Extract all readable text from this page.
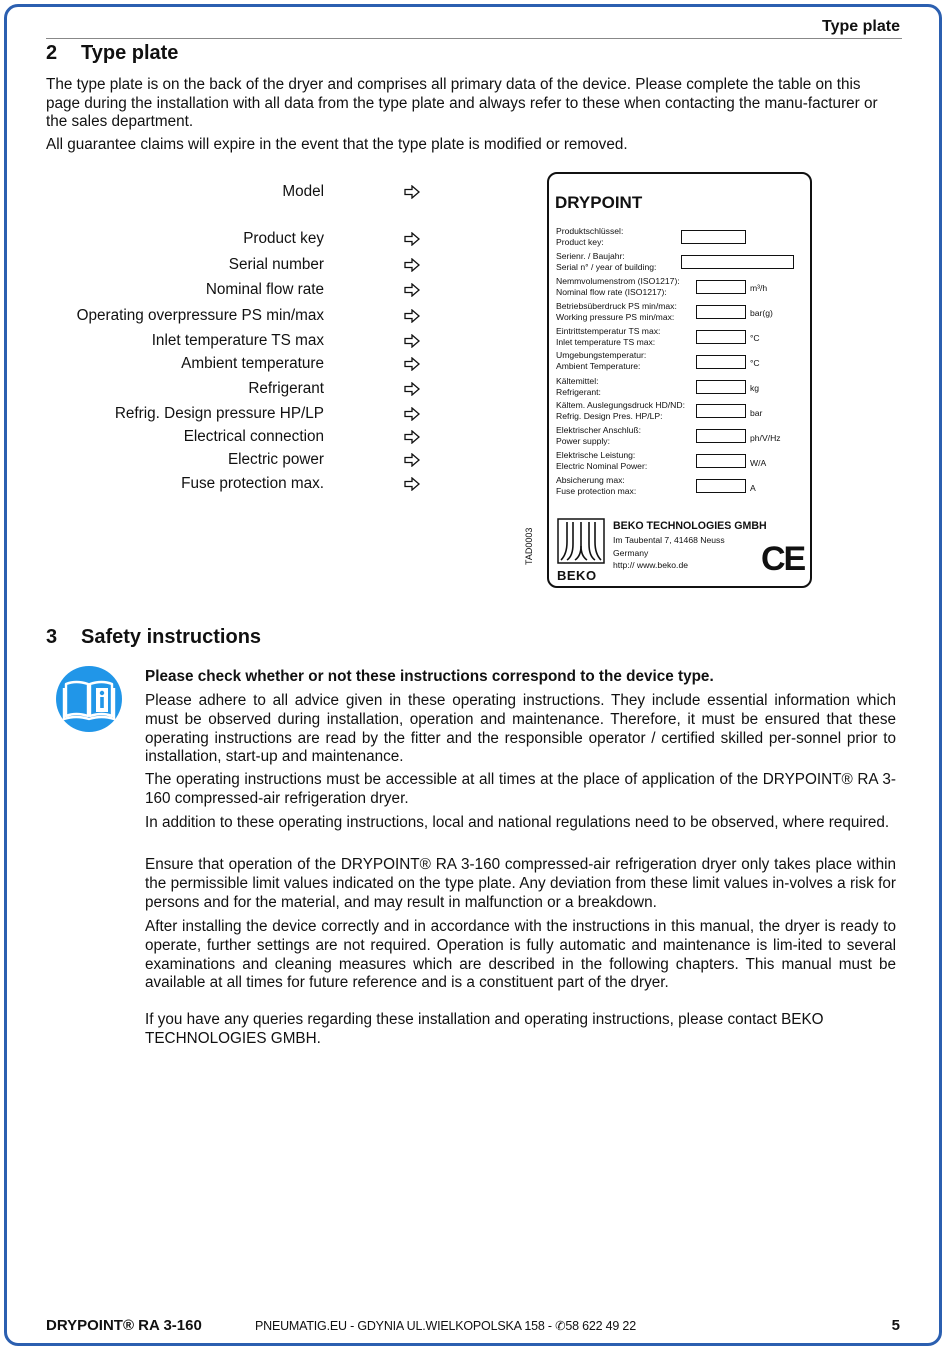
Type plate
2 Type plate

The type plate is on the back of the dryer and comprises all primary data of the device. Please complete the table on this page during the installation with all data from the type plate and always refer to these when contacting the manu-facturer or the sales department.

All guarantee claims will expire in the event that the type plate is modified or removed.

Model
Product key
Serial number
Nominal flow rate
Operating overpressure PS min/max
Inlet temperature TS max
Ambient temperature
Refrigerant
Refrig. Design pressure HP/LP
Electrical connection
Electric power
Fuse protection max.
DRYPOINT
Produktschlüssel:
Product key:
Serienr. / Baujahr:
Serial n° / year of building:
Nemmvolumenstrom (ISO1217):
Nominal flow rate (ISO1217):	m³/h
Betriebsüberdruck PS min/max:
Working pressure PS min/max:	bar(g)
Eintrittstemperatur TS max:
Inlet temperature TS max:	°C
Umgebungstemperatur:
Ambient Temperature:	°C
Kältemittel:
Refrigerant:	kg
Kältem. Auslegungsdruck HD/ND:
Refrig. Design Pres. HP/LP:	bar
Elektrischer Anschluß:
Power supply:	ph/V/Hz
Elektrische Leistung:
Electric Nominal Power:	W/A
Absicherung max:
Fuse protection max:	A
BEKO
BEKO TECHNOLOGIES GMBH
Im Taubental 7, 41468 Neuss
Germany
http:// www.beko.de CE
TAD0003
3 Safety instructions

Please check whether or not these instructions correspond to the device type.

Please adhere to all advice given in these operating instructions. They include essential information which must be observed during installation, operation and maintenance. Therefore, it must be ensured that these operating instructions are read by the fitter and the responsible operator / certified skilled per-sonnel prior to installation, start-up and maintenance.

The operating instructions must be accessible at all times at the place of application of the DRYPOINT® RA 3-160 compressed-air refrigeration dryer.

In addition to these operating instructions, local and national regulations need to be observed, where required.

Ensure that operation of the DRYPOINT® RA 3-160 compressed-air refrigeration dryer only takes place within the permissible limit values indicated on the type plate. Any deviation from these limit values in-volves a risk for persons and for the material, and may result in malfunction or a breakdown.

After installing the device correctly and in accordance with the instructions in this manual, the dryer is ready to operate, further settings are not required. Operation is fully automatic and maintenance is lim-ited to several examinations and cleaning measures which are described in the following chapters. This manual must be available at all times for future reference and is a constituent part of the dryer.

If you have any queries regarding these installation and operating instructions, please contact BEKO TECHNOLOGIES GMBH.

DRYPOINT® RA 3-160	PNEUMATIG.EU - GDYNIA UL.WIELKOPOLSKA 158 - ✆58 622 49 22	5
